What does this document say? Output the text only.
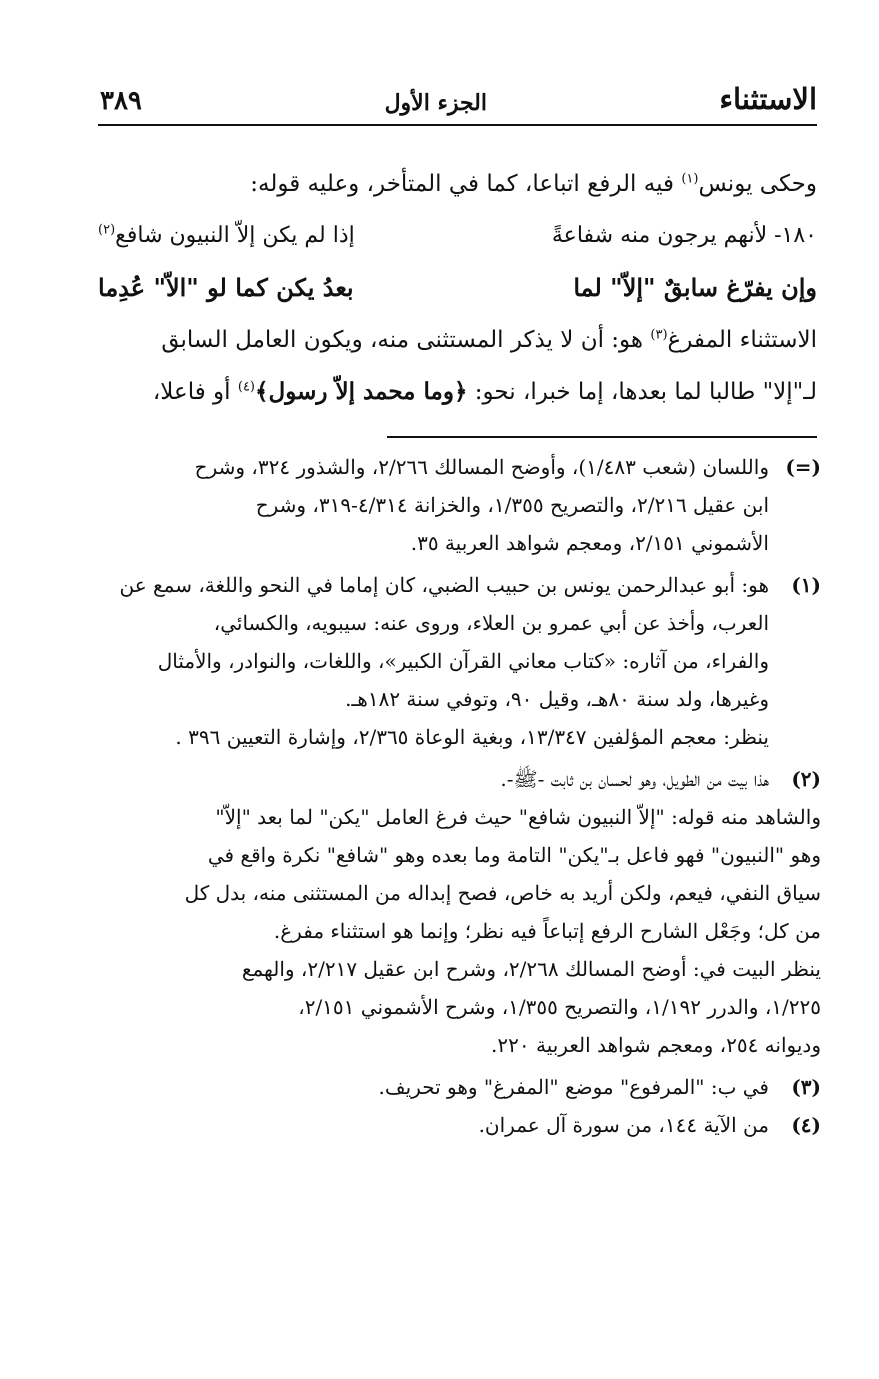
الاستثناء
الجزء الأول
٣٨٩
وحكى يونس$^{(١)}$ فيه الرفع اتباعا، كما في المتأخر، وعليه قوله:
١٨٠- لأنهم يرجون منه شفاعةً
إذا لم يكن إلاّ النبيون شافع$^{(٢)}$
وإن يفرّغ سابقٌ "إلاّ" لما
بعدُ يكن كما لو "الاّ" عُدِما
الاستثناء المفرغ$^{(٣)}$ هو: أن لا يذكر المستثنى منه، ويكون العامل السابق
لـ"إلا" طالبا لما بعدها، إما خبرا، نحو: ﴿وما محمد إلاّ رسول﴾$^{(٤)}$ أو فاعلا،
(=)

واللسان (شعب ١/٤٨٣)، وأوضح المسالك ٢/٢٦٦، والشذور ٣٢٤، وشرح

ابن عقيل ٢/٢١٦، والتصريح ١/٣٥٥، والخزانة ٤/٣١٤-٣١٩، وشرح

الأشموني ٢/١٥١، ومعجم شواهد العربية ٣٥.

(١)

هو: أبو عبدالرحمن يونس بن حبيب الضبي، كان إماما في النحو واللغة، سمع عن

العرب، وأخذ عن أبي عمرو بن العلاء، وروى عنه: سيبويه، والكسائي،

والفراء، من آثاره: «كتاب معاني القرآن الكبير»، واللغات، والنوادر، والأمثال

وغيرها، ولد سنة ٨٠هـ، وقيل ٩٠، وتوفي سنة ١٨٢هـ.

ينظر: معجم المؤلفين ١٣/٣٤٧، وبغية الوعاة ٢/٣٦٥، وإشارة التعيين ٣٩٦ .

(٢)

هذا بيت من الطويل، وهو لحسان بن ثابت -ﷺ-.

والشاهد منه قوله: "إلاّ النبيون شافع" حيث فرغ العامل "يكن" لما بعد "إلاّ"

وهو "النبيون" فهو فاعل بـ"يكن" التامة وما بعده وهو "شافع" نكرة واقع في

سياق النفي، فيعم، ولكن أريد به خاص، فصح إبداله من المستثنى منه، بدل كل

من كل؛ وجَعْل الشارح الرفع إتباعاً فيه نظر؛ وإنما هو استثناء مفرغ.

ينظر البيت في: أوضح المسالك ٢/٢٦٨، وشرح ابن عقيل ٢/٢١٧، والهمع

١/٢٢٥، والدرر ١/١٩٢، والتصريح ١/٣٥٥، وشرح الأشموني ٢/١٥١،

وديوانه ٢٥٤، ومعجم شواهد العربية ٢٢٠.

(٣)

في ب: "المرفوع" موضع "المفرغ" وهو تحريف.

(٤)

من الآية ١٤٤، من سورة آل عمران.
